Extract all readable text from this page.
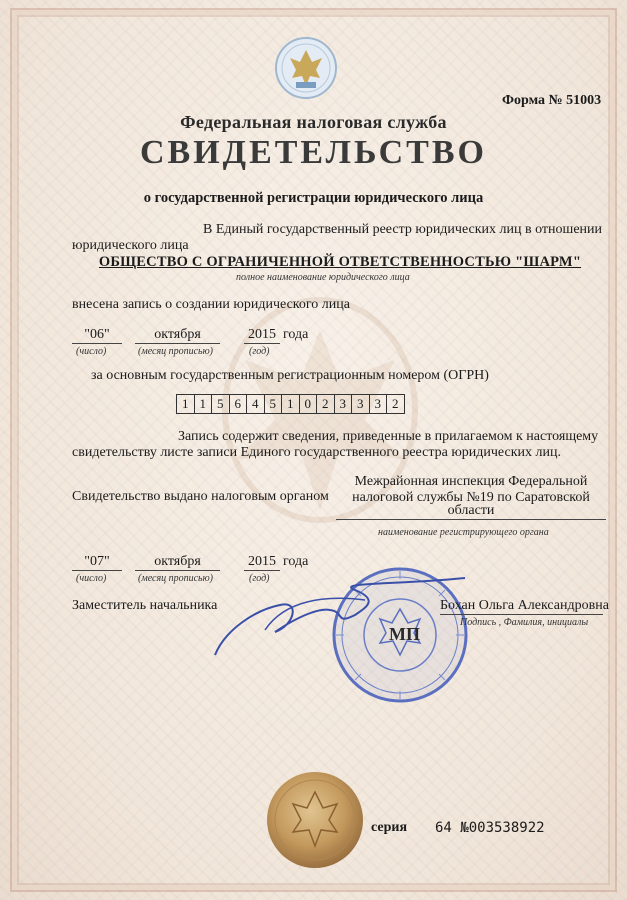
Форма № 51003
Федеральная налоговая служба
СВИДЕТЕЛЬСТВО
о государственной регистрации юридического лица
В Единый государственный реестр юридических лиц в отношении
юридического лица
ОБЩЕСТВО С ОГРАНИЧЕННОЙ ОТВЕТСТВЕННОСТЬЮ "ШАРМ"
полное наименование юридического лица
внесена запись о создании юридического лица
"06"	октября	2015 года
(число)	(месяц прописью)	(год)
за основным государственным регистрационным номером (ОГРН)
1 1 5 6 4 5 1 0 2 3 3 3 2
Запись содержит сведения, приведенные в прилагаемом к настоящему
свидетельству листе записи Единого государственного реестра юридических лиц.
Свидетельство выдано налоговым органом
Межрайонная инспекция Федеральной
налоговой службы №19 по Саратовской
области
наименование регистрирующего органа
"07"	октября	2015 года
(число)	(месяц прописью)	(год)
Заместитель начальника
МП
Бохан Ольга Александровна
Подпись , Фамилия, инициалы
серия 64 №003538922
